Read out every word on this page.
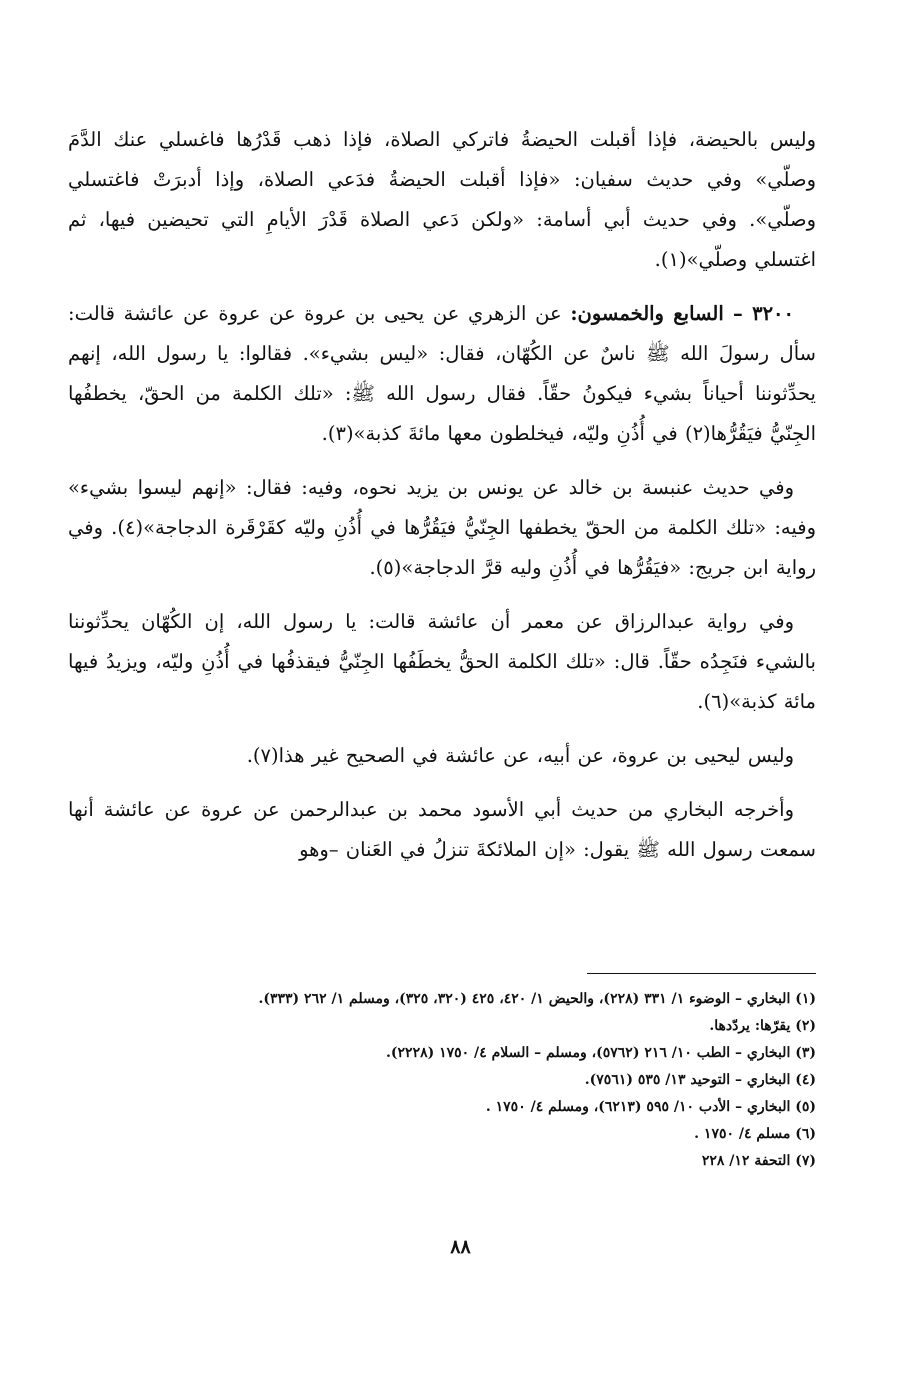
وليس بالحيضة، فإذا أقبلت الحيضةُ فاتركي الصلاة، فإذا ذهب قَدْرُها فاغسلي عنك الدَّمَ وصلّي» وفي حديث سفيان: «فإذا أقبلت الحيضةُ فدَعي الصلاة، وإذا أدبرَتْ فاغتسلي وصلّي». وفي حديث أبي أسامة: «ولكن دَعي الصلاة قَدْرَ الأيامِ التي تحيضين فيها، ثم اغتسلي وصلّي»(١).

٣٢٠٠ – السابع والخمسون: عن الزهري عن يحيى بن عروة عن عروة عن عائشة قالت: سأل رسولَ الله ﷺ ناسٌ عن الكُهّان، فقال: «ليس بشيء». فقالوا: يا رسول الله، إنهم يحدِّثوننا أحياناً بشيء فيكونُ حقّاً. فقال رسول الله ﷺ: «تلك الكلمة من الحقّ، يخطفُها الجِنّيُّ فيَقُرُّها(٢) في أُذُنِ وليّه، فيخلطون معها مائةَ كذبة»(٣).

وفي حديث عنبسة بن خالد عن يونس بن يزيد نحوه، وفيه: فقال: «إنهم ليسوا بشيء» وفيه: «تلك الكلمة من الحقّ يخطفها الجِنّيُّ فيَقُرُّها في أُذُنِ وليّه كقَرْقَرة الدجاجة»(٤). وفي رواية ابن جريج: «فيَقُرُّها في أُذُنِ وليه قرَّ الدجاجة»(٥).

وفي رواية عبدالرزاق عن معمر أن عائشة قالت: يا رسول الله، إن الكُهّان يحدِّثوننا بالشيء فنَجِدُه حقّاً. قال: «تلك الكلمة الحقُّ يخطَفُها الجِنّيُّ فيقذفُها في أُذُنِ وليّه، ويزيدُ فيها مائة كذبة»(٦).

وليس ليحيى بن عروة، عن أبيه، عن عائشة في الصحيح غير هذا(٧).

وأخرجه البخاري من حديث أبي الأسود محمد بن عبدالرحمن عن عروة عن عائشة أنها سمعت رسول الله ﷺ يقول: «إن الملائكةَ تنزلُ في العَنان –وهو

(١) البخاري – الوضوء ١/ ٣٣١ (٢٢٨)، والحيض ١/ ٤٢٠، ٤٢٥ (٣٢٠، ٣٢٥)، ومسلم ١/ ٢٦٢ (٣٣٣).

(٢) يقرّها: يردّدها.

(٣) البخاري – الطب ١٠/ ٢١٦ (٥٧٦٢)، ومسلم – السلام ٤/ ١٧٥٠ (٢٢٢٨).

(٤) البخاري – التوحيد ١٣/ ٥٣٥ (٧٥٦١).

(٥) البخاري – الأدب ١٠/ ٥٩٥ (٦٢١٣)، ومسلم ٤/ ١٧٥٠ .

(٦) مسلم ٤/ ١٧٥٠ .

(٧) التحفة ١٢/ ٢٢٨

٨٨
